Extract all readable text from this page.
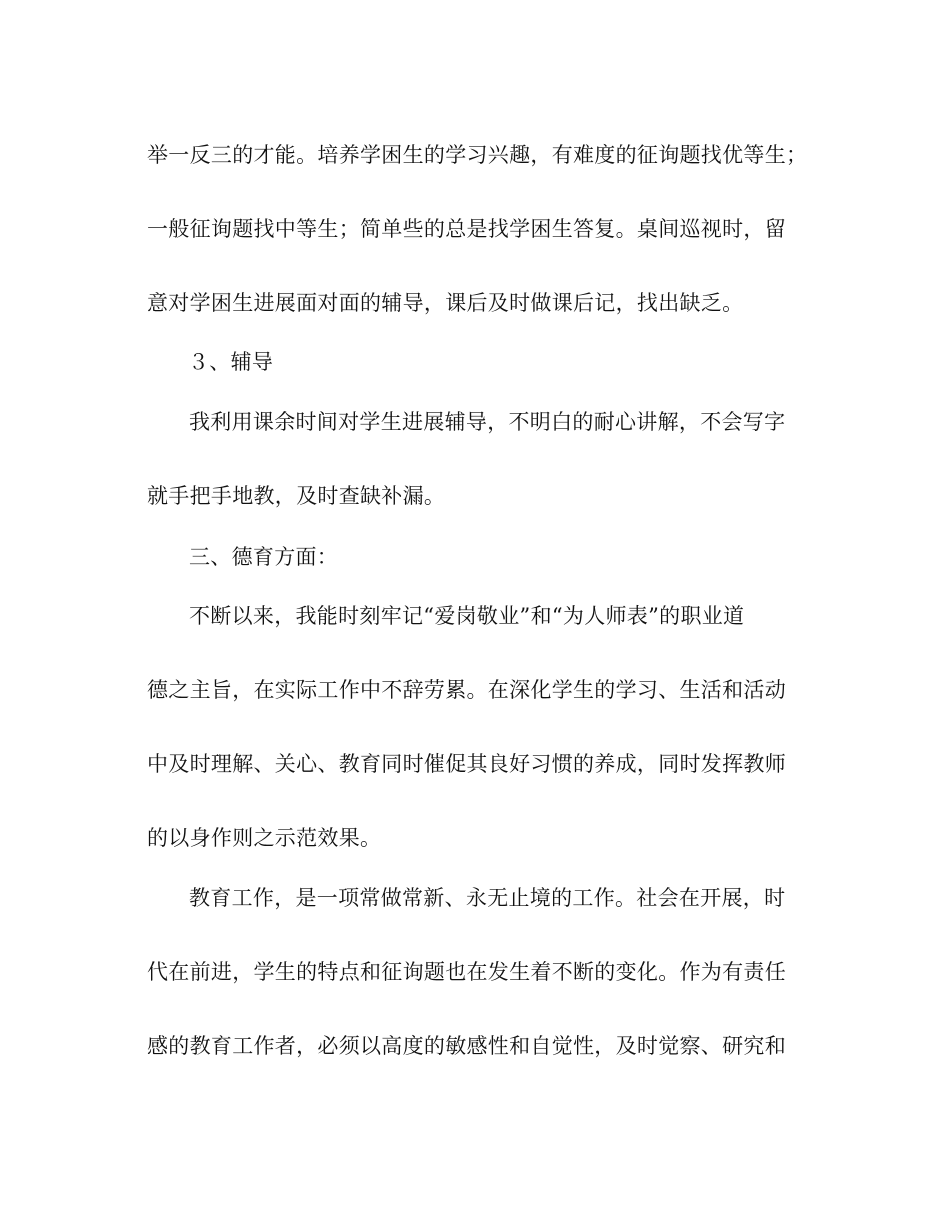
举一反三的才能。培养学困生的学习兴趣，有难度的征询题找优等生；
一般征询题找中等生；简单些的总是找学困生答复。桌间巡视时，留
意对学困生进展面对面的辅导，课后及时做课后记，找出缺乏。
３、辅导
我利用课余时间对学生进展辅导，不明白的耐心讲解，不会写字
就手把手地教，及时查缺补漏。
三、德育方面：
不断以来，我能时刻牢记“爱岗敬业”和“为人师表”的职业道
德之主旨，在实际工作中不辞劳累。在深化学生的学习、生活和活动
中及时理解、关心、教育同时催促其良好习惯的养成，同时发挥教师
的以身作则之示范效果。
教育工作，是一项常做常新、永无止境的工作。社会在开展，时
代在前进，学生的特点和征询题也在发生着不断的变化。作为有责任
感的教育工作者，必须以高度的敏感性和自觉性，及时觉察、研究和
